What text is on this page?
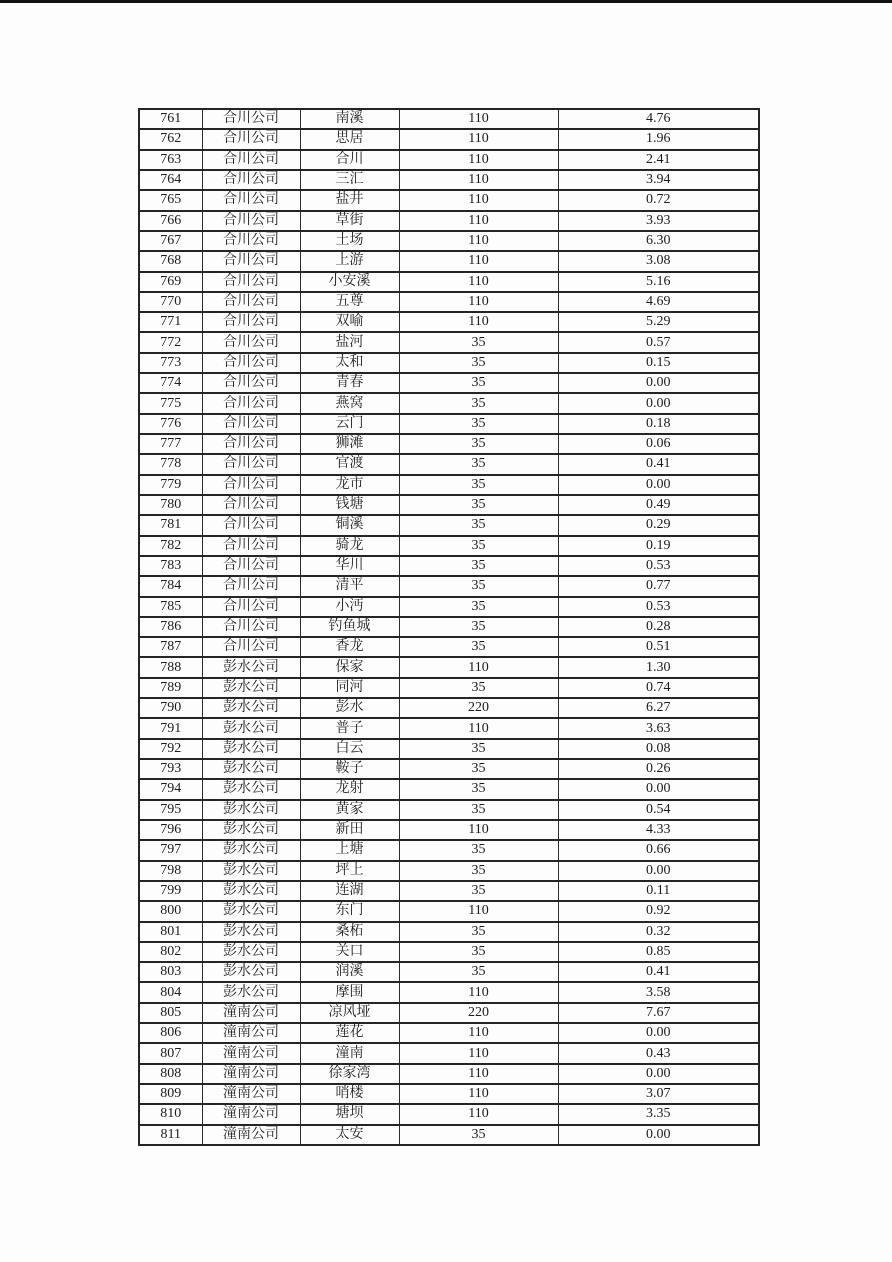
761	合川公司	南溪	110	4.76
762	合川公司	思居	110	1.96
763	合川公司	合川	110	2.41
764	合川公司	三汇	110	3.94
765	合川公司	盐井	110	0.72
766	合川公司	草街	110	3.93
767	合川公司	土场	110	6.30
768	合川公司	上游	110	3.08
769	合川公司	小安溪	110	5.16
770	合川公司	五尊	110	4.69
771	合川公司	双喻	110	5.29
772	合川公司	盐河	35	0.57
773	合川公司	太和	35	0.15
774	合川公司	青春	35	0.00
775	合川公司	燕窝	35	0.00
776	合川公司	云门	35	0.18
777	合川公司	狮滩	35	0.06
778	合川公司	官渡	35	0.41
779	合川公司	龙市	35	0.00
780	合川公司	钱塘	35	0.49
781	合川公司	铜溪	35	0.29
782	合川公司	骑龙	35	0.19
783	合川公司	华川	35	0.53
784	合川公司	清平	35	0.77
785	合川公司	小沔	35	0.53
786	合川公司	钓鱼城	35	0.28
787	合川公司	香龙	35	0.51
788	彭水公司	保家	110	1.30
789	彭水公司	同河	35	0.74
790	彭水公司	彭水	220	6.27
791	彭水公司	普子	110	3.63
792	彭水公司	白云	35	0.08
793	彭水公司	鞍子	35	0.26
794	彭水公司	龙射	35	0.00
795	彭水公司	黄家	35	0.54
796	彭水公司	新田	110	4.33
797	彭水公司	上塘	35	0.66
798	彭水公司	坪上	35	0.00
799	彭水公司	连湖	35	0.11
800	彭水公司	东门	110	0.92
801	彭水公司	桑柘	35	0.32
802	彭水公司	关口	35	0.85
803	彭水公司	润溪	35	0.41
804	彭水公司	摩围	110	3.58
805	潼南公司	凉风垭	220	7.67
806	潼南公司	莲花	110	0.00
807	潼南公司	潼南	110	0.43
808	潼南公司	徐家湾	110	0.00
809	潼南公司	哨楼	110	3.07
810	潼南公司	塘坝	110	3.35
811	潼南公司	太安	35	0.00
